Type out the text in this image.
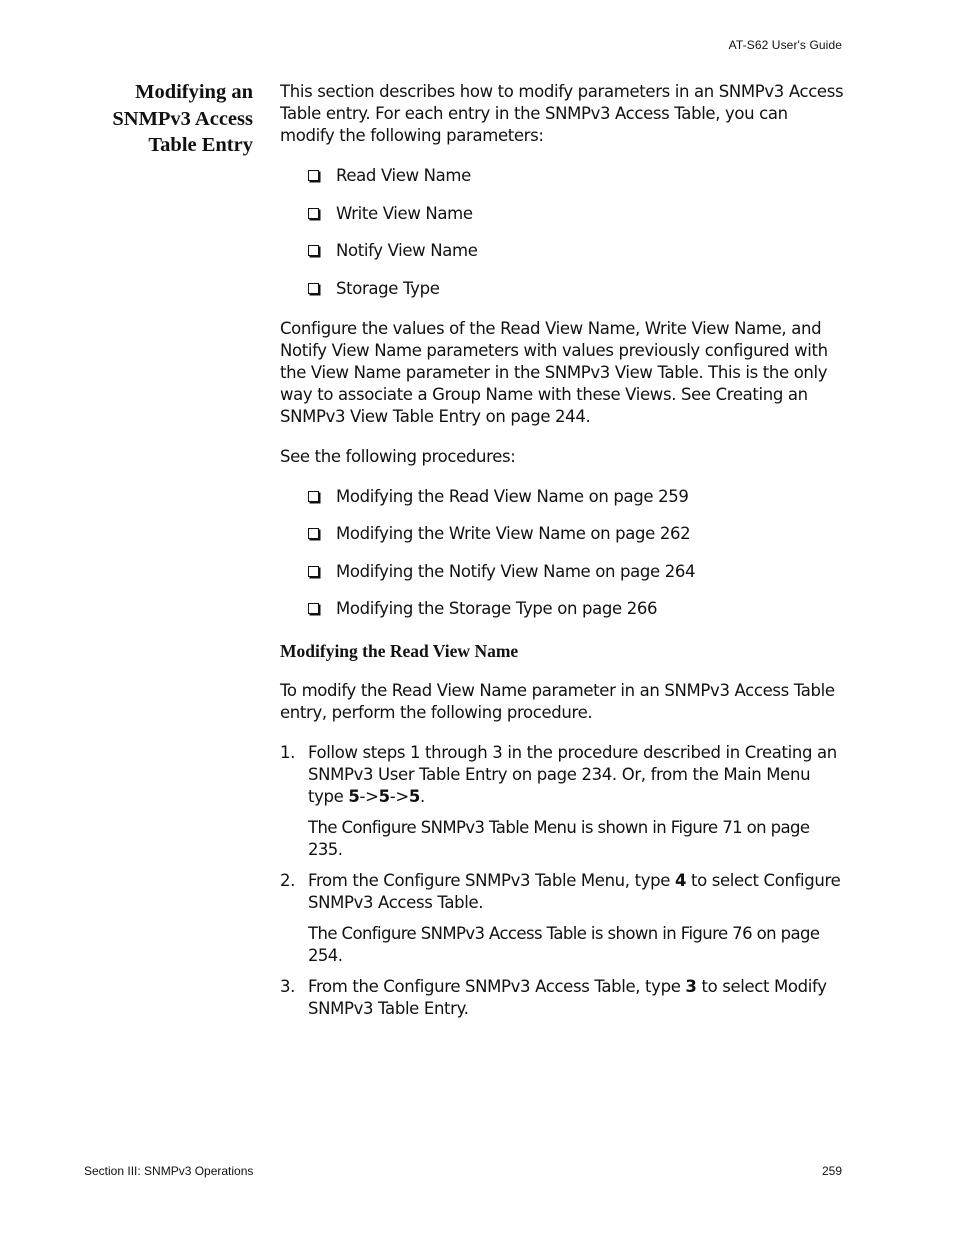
AT-S62 User's Guide
Modifying an
SNMPv3 Access
Table Entry

This section describes how to modify parameters in an SNMPv3 Access Table entry. For each entry in the SNMPv3 Access Table, you can modify the following parameters:

Read View Name
Write View Name
Notify View Name
Storage Type

Configure the values of the Read View Name, Write View Name, and Notify View Name parameters with values previously configured with the View Name parameter in the SNMPv3 View Table. This is the only way to associate a Group Name with these Views. See Creating an SNMPv3 View Table Entry on page 244.

See the following procedures:

Modifying the Read View Name on page 259
Modifying the Write View Name on page 262
Modifying the Notify View Name on page 264
Modifying the Storage Type on page 266
Modifying the Read View Name

To modify the Read View Name parameter in an SNMPv3 Access Table entry, perform the following procedure.

1. Follow steps 1 through 3 in the procedure described in Creating an SNMPv3 User Table Entry on page 234. Or, from the Main Menu type 5->5->5.

The Configure SNMPv3 Table Menu is shown in Figure 71 on page 235.

2. From the Configure SNMPv3 Table Menu, type 4 to select Configure SNMPv3 Access Table.

The Configure SNMPv3 Access Table is shown in Figure 76 on page 254.

3. From the Configure SNMPv3 Access Table, type 3 to select Modify SNMPv3 Table Entry.
Section III: SNMPv3 Operations	259
